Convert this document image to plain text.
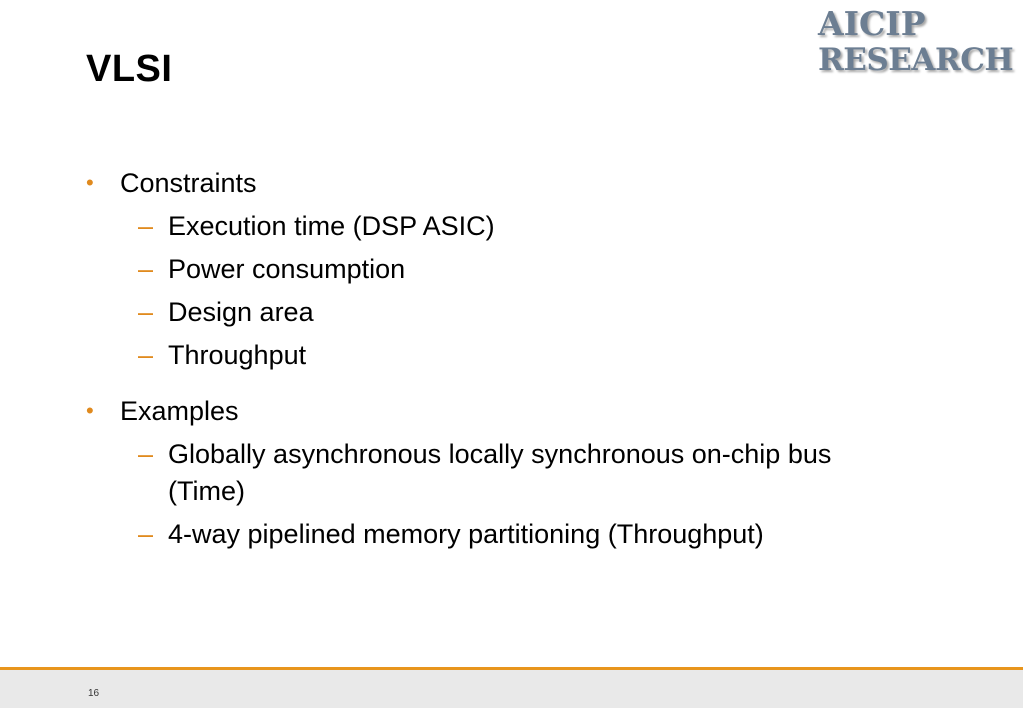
VLSI
AICIP
RESEARCH
• Constraints
– Execution time (DSP ASIC)
– Power consumption
– Design area
– Throughput
• Examples
– Globally asynchronous locally synchronous on-chip bus (Time)
– 4-way pipelined memory partitioning (Throughput)
16
